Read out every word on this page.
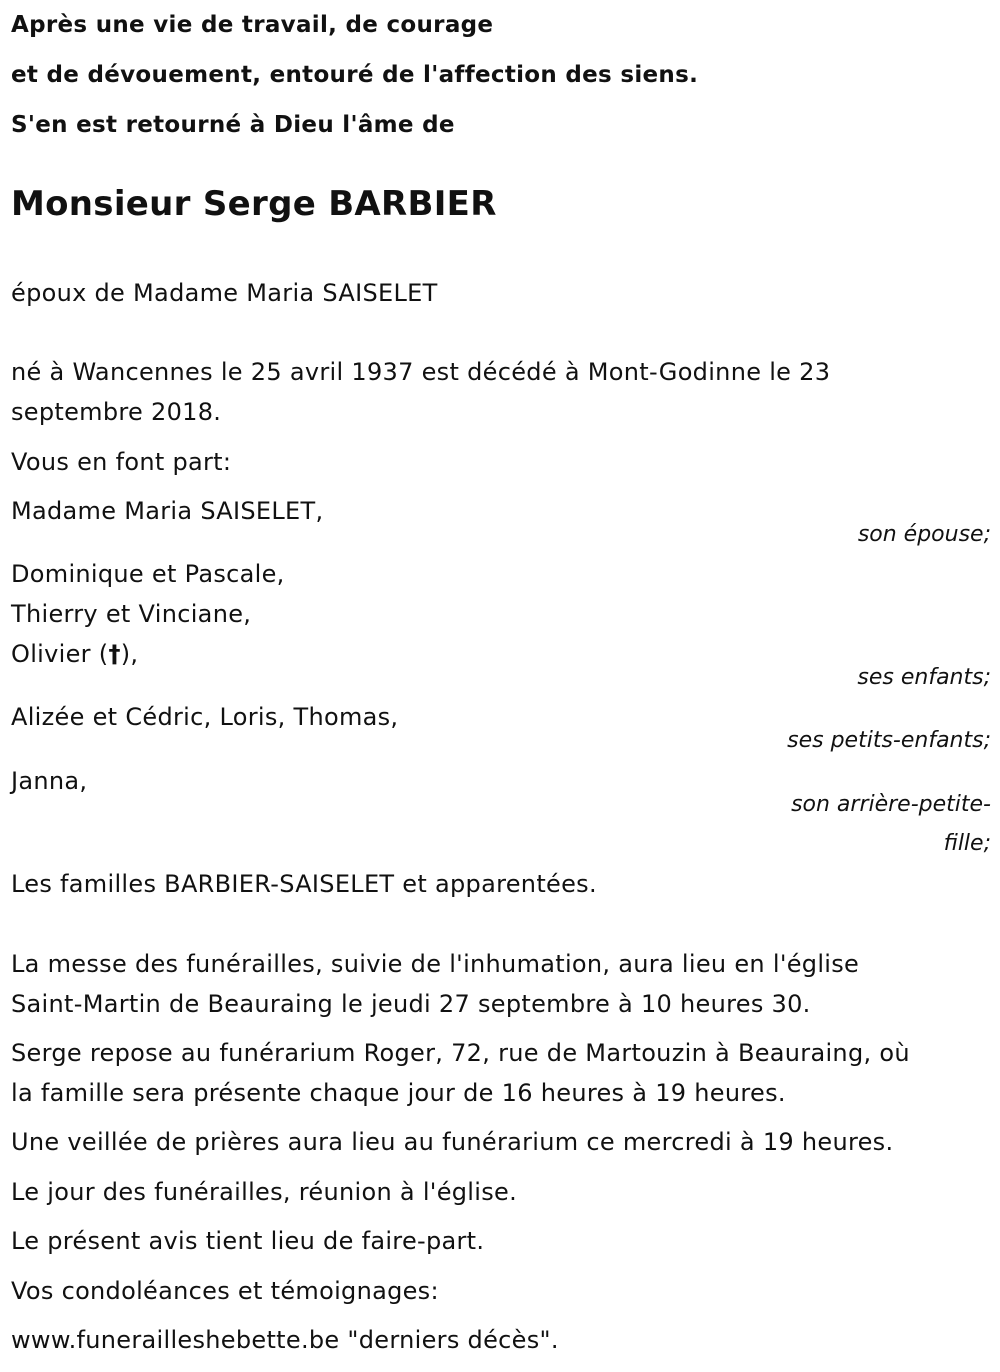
Après une vie de travail, de courage
et de dévouement, entouré de l'affection des siens.
S'en est retourné à Dieu l'âme de
Monsieur Serge BARBIER
époux de Madame Maria SAISELET
né à Wancennes le 25 avril 1937 est décédé à Mont-Godinne le 23
septembre 2018.
Vous en font part:
Madame Maria SAISELET,
son épouse;
Dominique et Pascale,
Thierry et Vinciane,
Olivier (†),
ses enfants;
Alizée et Cédric, Loris, Thomas,
ses petits-enfants;
Janna,
son arrière-petite-
fille;
Les familles BARBIER-SAISELET et apparentées.
La messe des funérailles, suivie de l'inhumation, aura lieu en l'église
Saint-Martin de Beauraing le jeudi 27 septembre à 10 heures 30.
Serge repose au funérarium Roger, 72, rue de Martouzin à Beauraing, où
la famille sera présente chaque jour de 16 heures à 19 heures.
Une veillée de prières aura lieu au funérarium ce mercredi à 19 heures.
Le jour des funérailles, réunion à l'église.
Le présent avis tient lieu de faire-part.
Vos condoléances et témoignages:
www.funerailleshebette.be "derniers décès".
